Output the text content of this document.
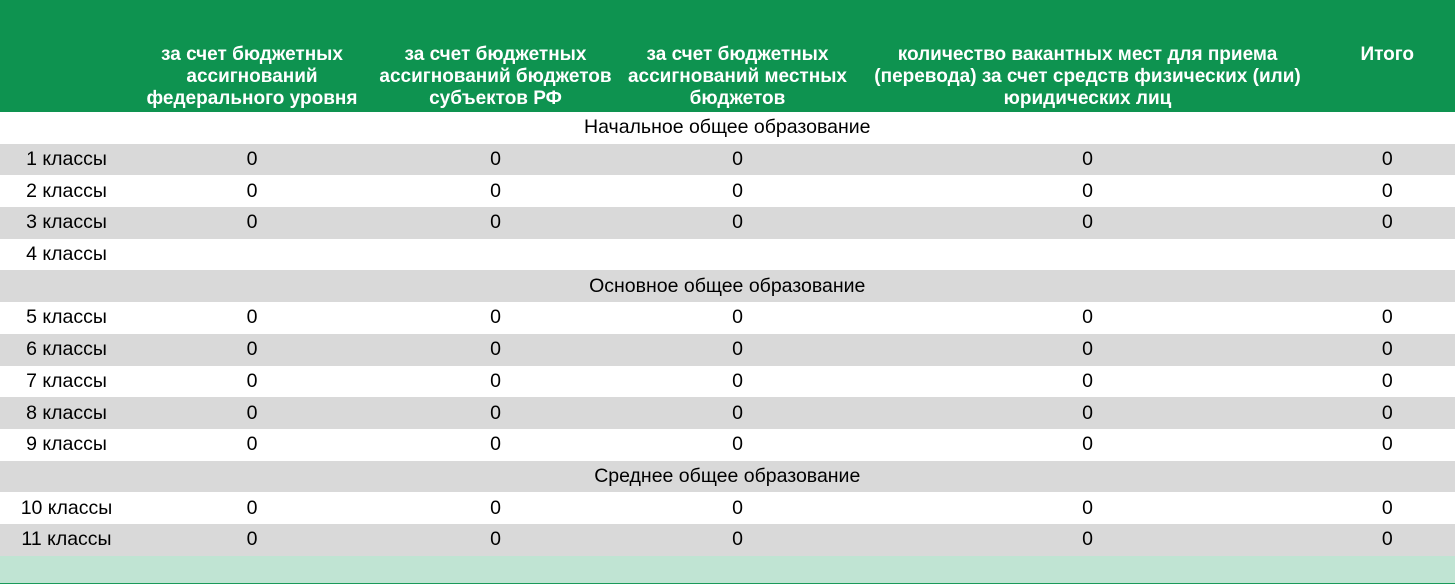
	за счет бюджетных ассигнований федерального уровня	за счет бюджетных ассигнований бюджетов субъектов РФ	за счет бюджетных ассигнований местных бюджетов	количество вакантных мест для приема (перевода) за счет средств физических (или) юридических лиц	Итого
Начальное общее образование					
1 классы	0	0	0	0	0
2 классы	0	0	0	0	0
3 классы	0	0	0	0	0
4 классы					
Основное общее образование					
5 классы	0	0	0	0	0
6 классы	0	0	0	0	0
7 классы	0	0	0	0	0
8 классы	0	0	0	0	0
9 классы	0	0	0	0	0
Среднее общее образование					
10 классы	0	0	0	0	0
11 классы	0	0	0	0	0
